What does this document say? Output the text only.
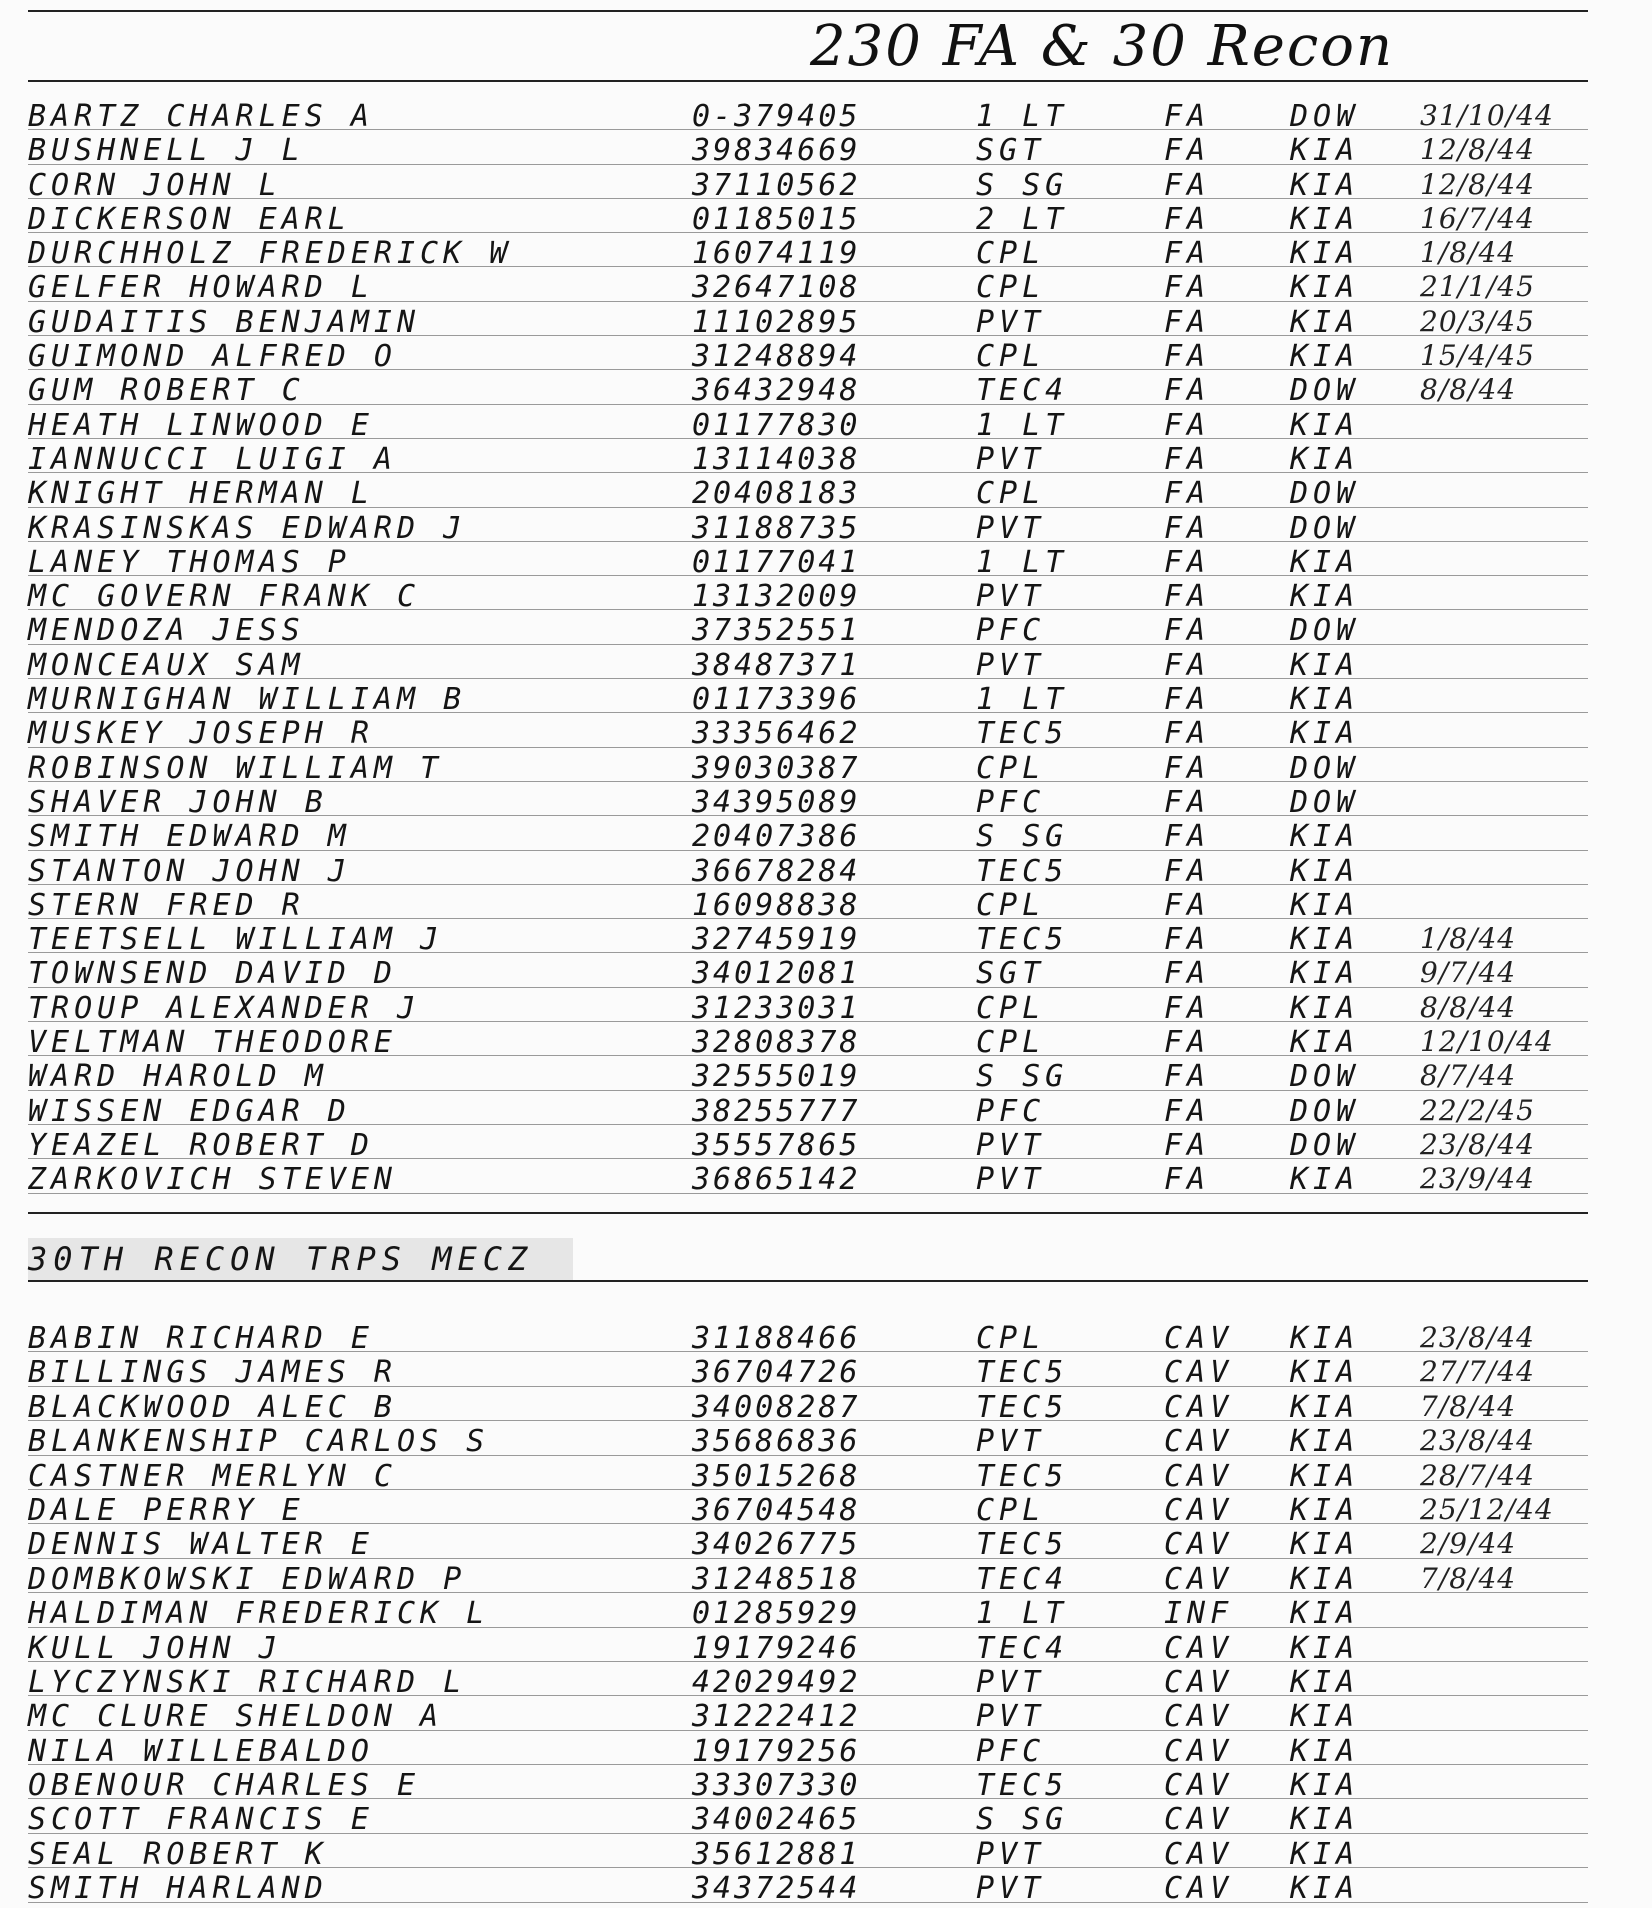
230 FA & 30 Recon
BARTZ CHARLES A	0-379405	1 LT	FA	DOW 31/10/44
BUSHNELL J L	39834669	SGT	FA	KIA 12/8/44
CORN JOHN L	37110562	S SG	FA	KIA 12/8/44
DICKERSON EARL	01185015	2 LT	FA	KIA 16/7/44
DURCHHOLZ FREDERICK W	16074119	CPL	FA	KIA 1/8/44
GELFER HOWARD L	32647108	CPL	FA	KIA 21/1/45
GUDAITIS BENJAMIN	11102895	PVT	FA	KIA 20/3/45
GUIMOND ALFRED O	31248894	CPL	FA	KIA 15/4/45
GUM ROBERT C	36432948	TEC4	FA	DOW 8/8/44
HEATH LINWOOD E	01177830	1 LT	FA	KIA
IANNUCCI LUIGI A	13114038	PVT	FA	KIA
KNIGHT HERMAN L	20408183	CPL	FA	DOW
KRASINSKAS EDWARD J	31188735	PVT	FA	DOW
LANEY THOMAS P	01177041	1 LT	FA	KIA
MC GOVERN FRANK C	13132009	PVT	FA	KIA
MENDOZA JESS	37352551	PFC	FA	DOW
MONCEAUX SAM	38487371	PVT	FA	KIA
MURNIGHAN WILLIAM B	01173396	1 LT	FA	KIA
MUSKEY JOSEPH R	33356462	TEC5	FA	KIA
ROBINSON WILLIAM T	39030387	CPL	FA	DOW
SHAVER JOHN B	34395089	PFC	FA	DOW
SMITH EDWARD M	20407386	S SG	FA	KIA
STANTON JOHN J	36678284	TEC5	FA	KIA
STERN FRED R	16098838	CPL	FA	KIA
TEETSELL WILLIAM J	32745919	TEC5	FA	KIA 1/8/44
TOWNSEND DAVID D	34012081	SGT	FA	KIA 9/7/44
TROUP ALEXANDER J	31233031	CPL	FA	KIA 8/8/44
VELTMAN THEODORE	32808378	CPL	FA	KIA 12/10/44
WARD HAROLD M	32555019	S SG	FA	DOW 8/7/44
WISSEN EDGAR D	38255777	PFC	FA	DOW 22/2/45
YEAZEL ROBERT D	35557865	PVT	FA	DOW 23/8/44
ZARKOVICH STEVEN	36865142	PVT	FA	KIA 23/9/44
30TH RECON TRPS MECZ
BABIN RICHARD E	31188466	CPL	CAV KIA 23/8/44
BILLINGS JAMES R	36704726	TEC5	CAV KIA 27/7/44
BLACKWOOD ALEC B	34008287	TEC5	CAV KIA 7/8/44
BLANKENSHIP CARLOS S	35686836	PVT	CAV KIA 23/8/44
CASTNER MERLYN C	35015268	TEC5	CAV KIA 28/7/44
DALE PERRY E	36704548	CPL	CAV KIA 25/12/44
DENNIS WALTER E	34026775	TEC5	CAV KIA 2/9/44
DOMBKOWSKI EDWARD P	31248518	TEC4	CAV KIA 7/8/44
HALDIMAN FREDERICK L	01285929	1 LT	INF KIA
KULL JOHN J	19179246	TEC4	CAV KIA
LYCZYNSKI RICHARD L	42029492	PVT	CAV KIA
MC CLURE SHELDON A	31222412	PVT	CAV KIA
NILA WILLEBALDO	19179256	PFC	CAV KIA
OBENOUR CHARLES E	33307330	TEC5	CAV KIA
SCOTT FRANCIS E	34002465	S SG	CAV KIA
SEAL ROBERT K	35612881	PVT	CAV KIA
SMITH HARLAND	34372544	PVT	CAV KIA
